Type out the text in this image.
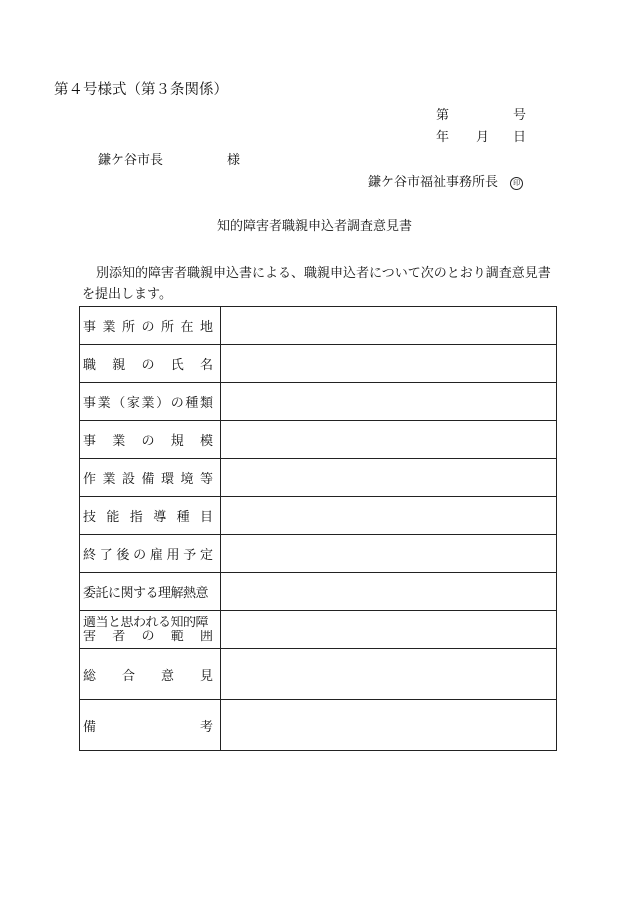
第４号様式（第３条関係）
第	号
年 月 日
鎌ケ谷市長	様
鎌ケ谷市福祉事務所長 印
知的障害者職親申込者調査意見書
別添知的障害者職親申込書による、職親申込者について次のとおり調査意見書
を提出します。
事業所の所在地	

職親の氏名	

事業（家業）の種類	

事業の規模	

作業設備環境等	

技能指導種目	

終了後の雇用予定	

委託に関する理解熱意	

適当と思われる知的障
害者の範囲	

総合意見	

備考	
